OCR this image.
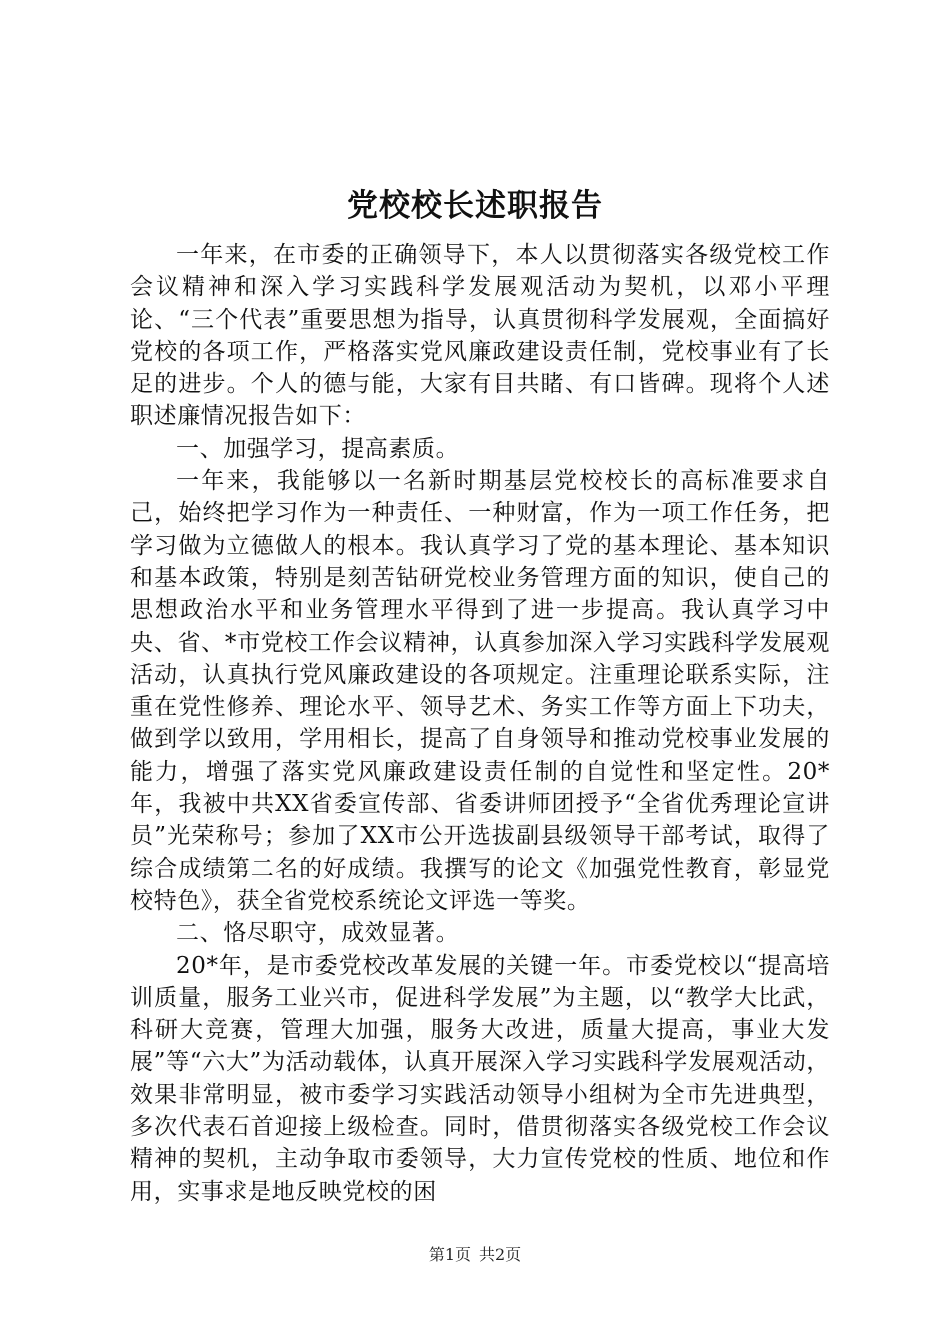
党校校长述职报告

一年来，在市委的正确领导下，本人以贯彻落实各级党校工作会议精神和深入学习实践科学发展观活动为契机，以邓小平理论、“三个代表”重要思想为指导，认真贯彻科学发展观，全面搞好党校的各项工作，严格落实党风廉政建设责任制，党校事业有了长足的进步。个人的德与能，大家有目共睹、有口皆碑。现将个人述职述廉情况报告如下：

一、加强学习，提高素质。

一年来，我能够以一名新时期基层党校校长的高标准要求自己，始终把学习作为一种责任、一种财富，作为一项工作任务，把学习做为立德做人的根本。我认真学习了党的基本理论、基本知识和基本政策，特别是刻苦钻研党校业务管理方面的知识，使自己的思想政治水平和业务管理水平得到了进一步提高。我认真学习中央、省、*市党校工作会议精神，认真参加深入学习实践科学发展观活动，认真执行党风廉政建设的各项规定。注重理论联系实际，注重在党性修养、理论水平、领导艺术、务实工作等方面上下功夫，做到学以致用，学用相长，提高了自身领导和推动党校事业发展的能力，增强了落实党风廉政建设责任制的自觉性和坚定性。20*年，我被中共XX省委宣传部、省委讲师团授予“全省优秀理论宣讲员”光荣称号；参加了XX市公开选拔副县级领导干部考试，取得了综合成绩第二名的好成绩。我撰写的论文《加强党性教育，彰显党校特色》，获全省党校系统论文评选一等奖。

二、恪尽职守，成效显著。

20*年，是市委党校改革发展的关键一年。市委党校以“提高培训质量，服务工业兴市，促进科学发展”为主题，以“教学大比武，科研大竞赛，管理大加强，服务大改进，质量大提高，事业大发展”等“六大”为活动载体，认真开展深入学习实践科学发展观活动，效果非常明显，被市委学习实践活动领导小组树为全市先进典型，多次代表石首迎接上级检查。同时，借贯彻落实各级党校工作会议精神的契机，主动争取市委领导，大力宣传党校的性质、地位和作用，实事求是地反映党校的困

第1页 共2页
